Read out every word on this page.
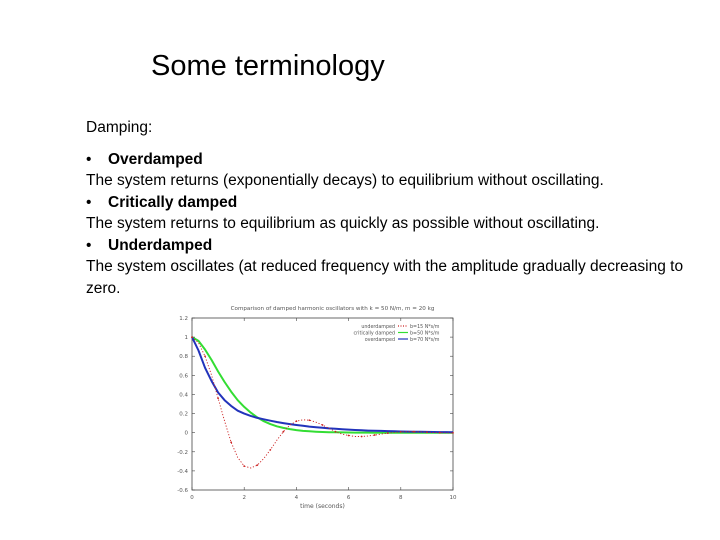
Some terminology

Damping:

• Overdamped

The system returns (exponentially decays) to equilibrium without oscillating.

• Critically damped

The system returns to equilibrium as quickly as possible without oscillating.

• Underdamped

The system oscillates (at reduced frequency with the amplitude gradually decreasing to zero.

Comparison of damped harmonic oscillators with k = 50 N/m, m = 20 kg
1.2
1
0.8
0.6
0.4
0.2
0
-0.2
-0.4
-0.6
0	2	4	6	8	10
time (seconds)
underdamped	b=15 N*s/m
critically damped	b=50 N*s/m
overdamped	b=70 N*s/m
